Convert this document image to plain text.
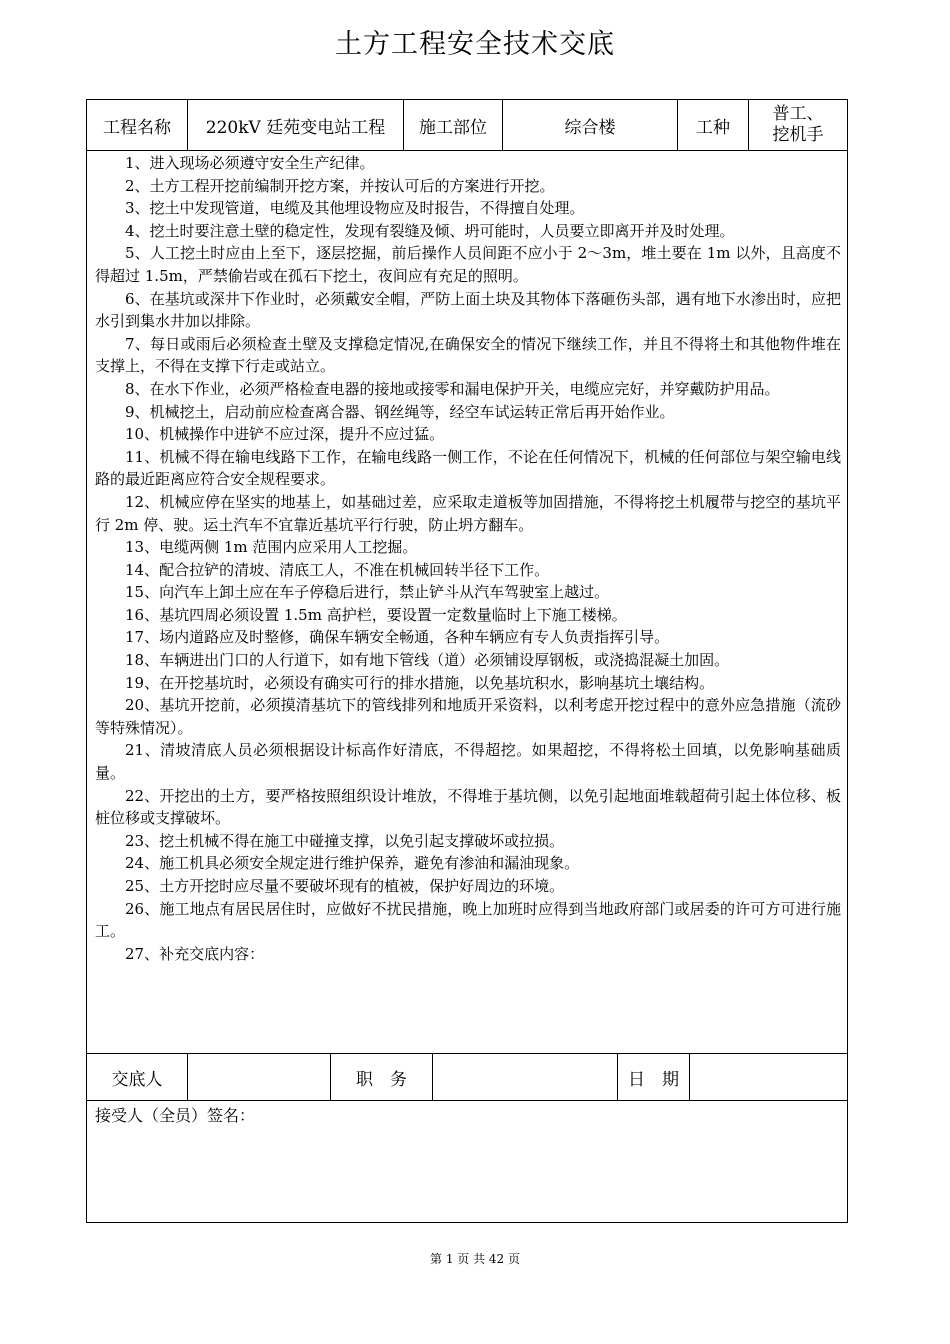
土方工程安全技术交底
工程名称	220kV 廷苑变电站工程	施工部位	综合楼	工种
普工、
挖机手

1、进入现场必须遵守安全生产纪律。

2、土方工程开挖前编制开挖方案，并按认可后的方案进行开挖。

3、挖土中发现管道，电缆及其他埋设物应及时报告，不得擅自处理。

4、挖土时要注意土壁的稳定性，发现有裂缝及倾、坍可能时，人员要立即离开并及时处理。

5、人工挖土时应由上至下，逐层挖掘，前后操作人员间距不应小于 2～3m，堆土要在 1m 以外，且高度不得超过 1.5m，严禁偷岩或在孤石下挖土，夜间应有充足的照明。

6、在基坑或深井下作业时，必须戴安全帽，严防上面土块及其物体下落砸伤头部，遇有地下水渗出时，应把水引到集水井加以排除。

7、每日或雨后必须检查土壁及支撑稳定情况,在确保安全的情况下继续工作，并且不得将土和其他物件堆在支撑上，不得在支撑下行走或站立。

8、在水下作业，必须严格检查电器的接地或接零和漏电保护开关，电缆应完好，并穿戴防护用品。

9、机械挖土，启动前应检查离合器、钢丝绳等，经空车试运转正常后再开始作业。

10、机械操作中进铲不应过深，提升不应过猛。

11、机械不得在输电线路下工作，在输电线路一侧工作，不论在任何情况下，机械的任何部位与架空输电线路的最近距离应符合安全规程要求。

12、机械应停在坚实的地基上，如基础过差，应采取走道板等加固措施，不得将挖土机履带与挖空的基坑平行 2m 停、驶。运土汽车不宜靠近基坑平行行驶，防止坍方翻车。

13、电缆两侧 1m 范围内应采用人工挖掘。

14、配合拉铲的清坡、清底工人，不准在机械回转半径下工作。

15、向汽车上卸土应在车子停稳后进行，禁止铲斗从汽车驾驶室上越过。

16、基坑四周必须设置 1.5m 高护栏，要设置一定数量临时上下施工楼梯。

17、场内道路应及时整修，确保车辆安全畅通，各种车辆应有专人负责指挥引导。

18、车辆进出门口的人行道下，如有地下管线（道）必须铺设厚钢板，或浇捣混凝土加固。

19、在开挖基坑时，必须设有确实可行的排水措施，以免基坑积水，影响基坑土壤结构。

20、基坑开挖前，必须摸清基坑下的管线排列和地质开采资料，以利考虑开挖过程中的意外应急措施（流砂等特殊情况）。

21、清坡清底人员必须根据设计标高作好清底，不得超挖。如果超挖，不得将松土回填，以免影响基础质量。

22、开挖出的土方，要严格按照组织设计堆放，不得堆于基坑侧，以免引起地面堆载超荷引起土体位移、板桩位移或支撑破坏。

23、挖土机械不得在施工中碰撞支撑，以免引起支撑破坏或拉损。

24、施工机具必须安全规定进行维护保养，避免有渗油和漏油现象。

25、土方开挖时应尽量不要破坏现有的植被，保护好周边的环境。

26、施工地点有居民居住时，应做好不扰民措施，晚上加班时应得到当地政府部门或居委的许可方可进行施工。

27、补充交底内容：

交底人	职　务	日　期
接受人（全员）签名：
第 1 页 共 42 页
